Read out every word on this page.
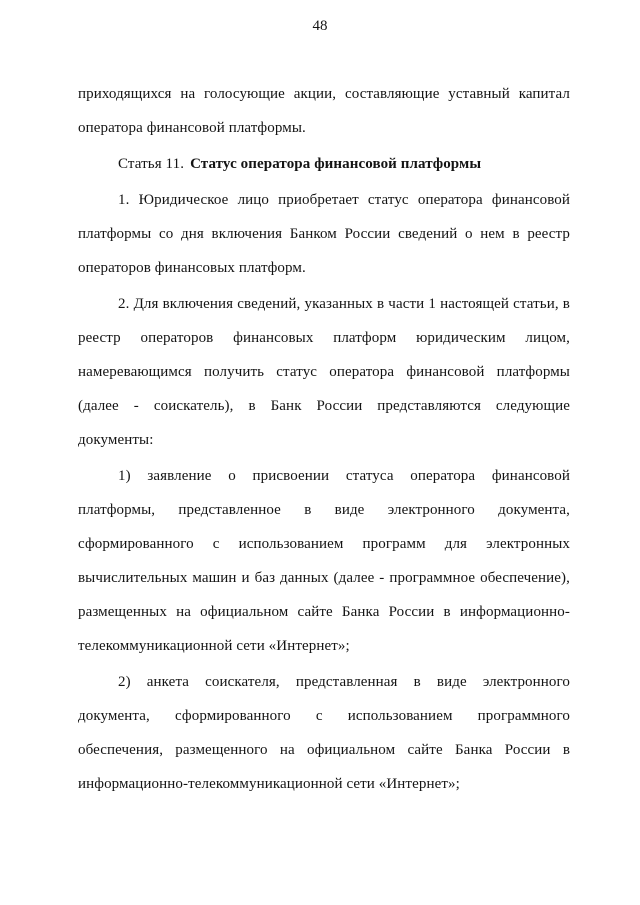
48

приходящихся на голосующие акции, составляющие уставный капитал оператора финансовой платформы.

Статья 11. Статус оператора финансовой платформы

1. Юридическое лицо приобретает статус оператора финансовой платформы со дня включения Банком России сведений о нем в реестр операторов финансовых платформ.

2. Для включения сведений, указанных в части 1 настоящей статьи, в реестр операторов финансовых платформ юридическим лицом, намеревающимся получить статус оператора финансовой платформы (далее - соискатель), в Банк России представляются следующие документы:

1) заявление о присвоении статуса оператора финансовой платформы, представленное в виде электронного документа, сформированного с использованием программ для электронных вычислительных машин и баз данных (далее - программное обеспечение), размещенных на официальном сайте Банка России в информационно-телекоммуникационной сети «Интернет»;

2) анкета соискателя, представленная в виде электронного документа, сформированного с использованием программного обеспечения, размещенного на официальном сайте Банка России в информационно-телекоммуникационной сети «Интернет»;
